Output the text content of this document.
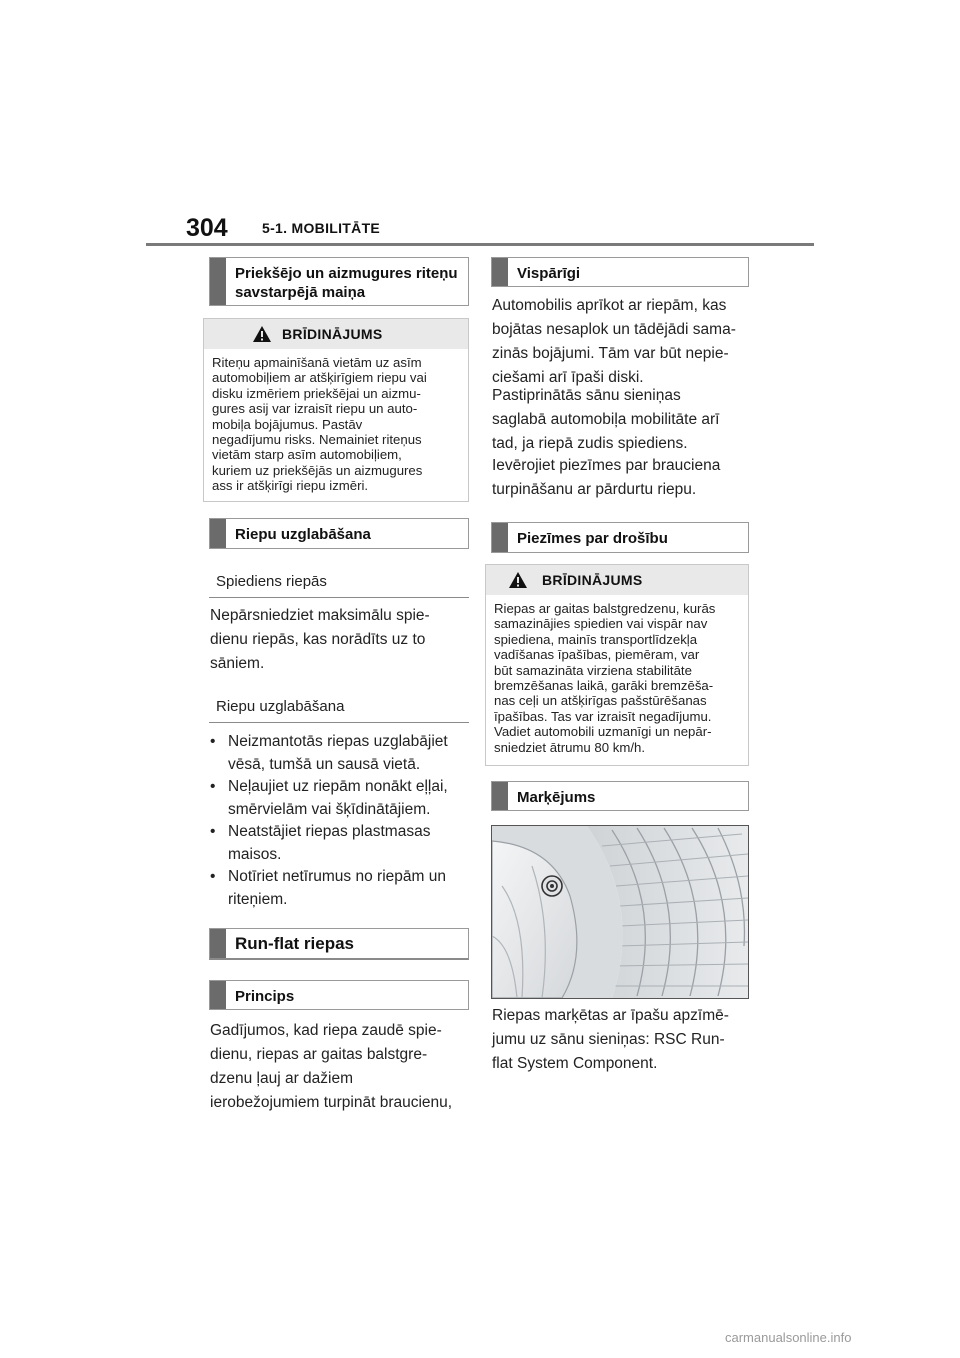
304 5-1. MOBILITĀTE
Priekšējo un aizmugures riteņu savstarpējā maiņa
BRĪDINĀJUMS
Riteņu apmainīšanā vietām uz asīm
automobiļiem ar atšķirīgiem riepu vai
disku izmēriem priekšējai un aizmu-
gures asij var izraisīt riepu un auto-
mobiļa bojājumus. Pastāv
negadījumu risks. Nemainiet riteņus
vietām starp asīm automobiļiem,
kuriem uz priekšējās un aizmugures
ass ir atšķirīgi riepu izmēri.
Riepu uzglabāšana
Spiediens riepās
Nepārsniedziet maksimālu spie-
dienu riepās, kas norādīts uz to
sāniem.
Riepu uzglabāšana
• Neizmantotās riepas uzglabājiet
vēsā, tumšā un sausā vietā.
• Neļaujiet uz riepām nonākt eļļai,
smērvielām vai šķīdinātājiem.
• Neatstājiet riepas plastmasas
maisos.
• Notīriet netīrumus no riepām un
riteņiem.
Run-flat riepas
Princips
Gadījumos, kad riepa zaudē spie-
dienu, riepas ar gaitas balstgre-
dzenu ļauj ar dažiem
ierobežojumiem turpināt braucienu,
Vispārīgi
Automobilis aprīkot ar riepām, kas
bojātas nesaplok un tādējādi sama-
zinās bojājumi. Tām var būt nepie-
ciešami arī īpaši diski.
Pastiprinātās sānu sieniņas
saglabā automobiļa mobilitāte arī
tad, ja riepā zudis spiediens.
Ievērojiet piezīmes par brauciena
turpināšanu ar pārdurtu riepu.
Piezīmes par drošību
BRĪDINĀJUMS
Riepas ar gaitas balstgredzenu, kurās
samazinājies spiedien vai vispār nav
spiediena, mainīs transportlīdzekļa
vadīšanas īpašības, piemēram, var
būt samazināta virziena stabilitāte
bremzēšanas laikā, garāki bremzēša-
nas ceļi un atšķirīgas pašstūrēšanas
īpašības. Tas var izraisīt negadījumu.
Vadiet automobili uzmanīgi un nepār-
sniedziet ātrumu 80 km/h.
Marķējums
Riepas marķētas ar īpašu apzīmē-
jumu uz sānu sieniņas: RSC Run-
flat System Component.
carmanualsonline.info
